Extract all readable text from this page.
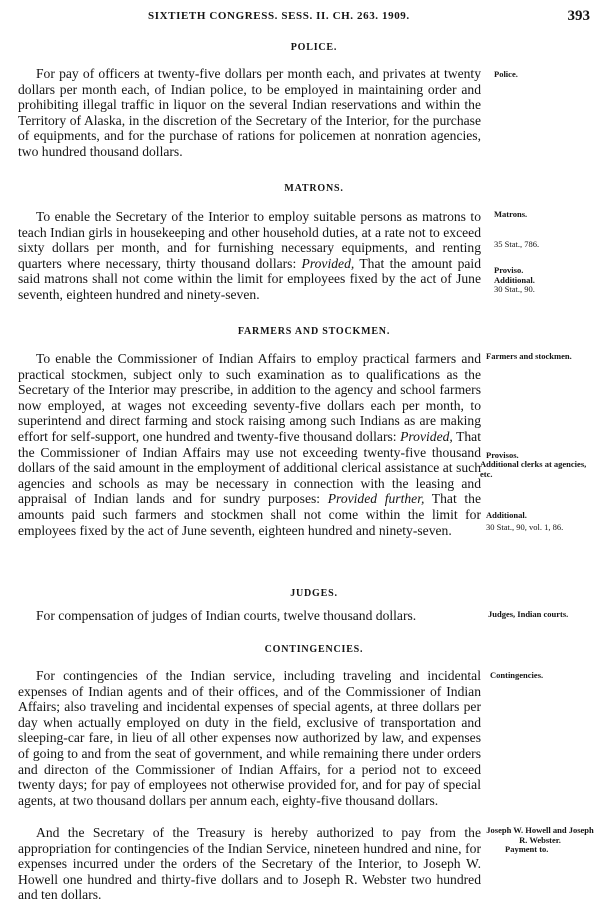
SIXTIETH CONGRESS. SESS. II. CH. 263. 1909.	393
POLICE.

For pay of officers at twenty-five dollars per month each, and privates at twenty dollars per month each, of Indian police, to be employed in maintaining order and prohibiting illegal traffic in liquor on the several Indian reservations and within the Territory of Alaska, in the discretion of the Secretary of the Interior, for the purchase of equipments, and for the purchase of rations for policemen at nonration agencies, two hundred thousand dollars.

Police.
MATRONS.

To enable the Secretary of the Interior to employ suitable persons as matrons to teach Indian girls in housekeeping and other household duties, at a rate not to exceed sixty dollars per month, and for furnishing necessary equipments, and renting quarters where necessary, thirty thousand dollars: Provided, That the amount paid said matrons shall not come within the limit for employees fixed by the act of June seventh, eighteen hundred and ninety-seven.

Matrons.
35 Stat., 786.
Proviso.
Additional.
30 Stat., 90.
FARMERS AND STOCKMEN.

To enable the Commissioner of Indian Affairs to employ practical farmers and practical stockmen, subject only to such examination as to qualifications as the Secretary of the Interior may prescribe, in addition to the agency and school farmers now employed, at wages not exceeding seventy-five dollars each per month, to superintend and direct farming and stock raising among such Indians as are making effort for self-support, one hundred and twenty-five thousand dollars: Provided, That the Commissioner of Indian Affairs may use not exceeding twenty-five thousand dollars of the said amount in the employment of additional clerical assistance at such agencies and schools as may be necessary in connection with the leasing and appraisal of Indian lands and for sundry purposes: Provided further, That the amounts paid such farmers and stockmen shall not come within the limit for employees fixed by the act of June seventh, eighteen hundred and ninety-seven.

Farmers and stockmen.
Provisos.
Additional clerks at agencies, etc.
Additional.
30 Stat., 90, vol. 1, 86.
JUDGES.

For compensation of judges of Indian courts, twelve thousand dollars.	Judges, Indian courts.
CONTINGENCIES.

For contingencies of the Indian service, including traveling and incidental expenses of Indian agents and of their offices, and of the Commissioner of Indian Affairs; also traveling and incidental expenses of special agents, at three dollars per day when actually employed on duty in the field, exclusive of transportation and sleeping-car fare, in lieu of all other expenses now authorized by law, and expenses of going to and from the seat of government, and while remaining there under orders and directon of the Commissioner of Indian Affairs, for a period not to exceed twenty days; for pay of employees not otherwise provided for, and for pay of special agents, at two thousand dollars per annum each, eighty-five thousand dollars.

And the Secretary of the Treasury is hereby authorized to pay from the appropriation for contingencies of the Indian Service, nineteen hundred and nine, for expenses incurred under the orders of the Secretary of the Interior, to Joseph W. Howell one hundred and thirty-five dollars and to Joseph R. Webster two hundred and ten dollars.

Contingencies.
Joseph W. Howell and Joseph R. Webster.
Payment to.
